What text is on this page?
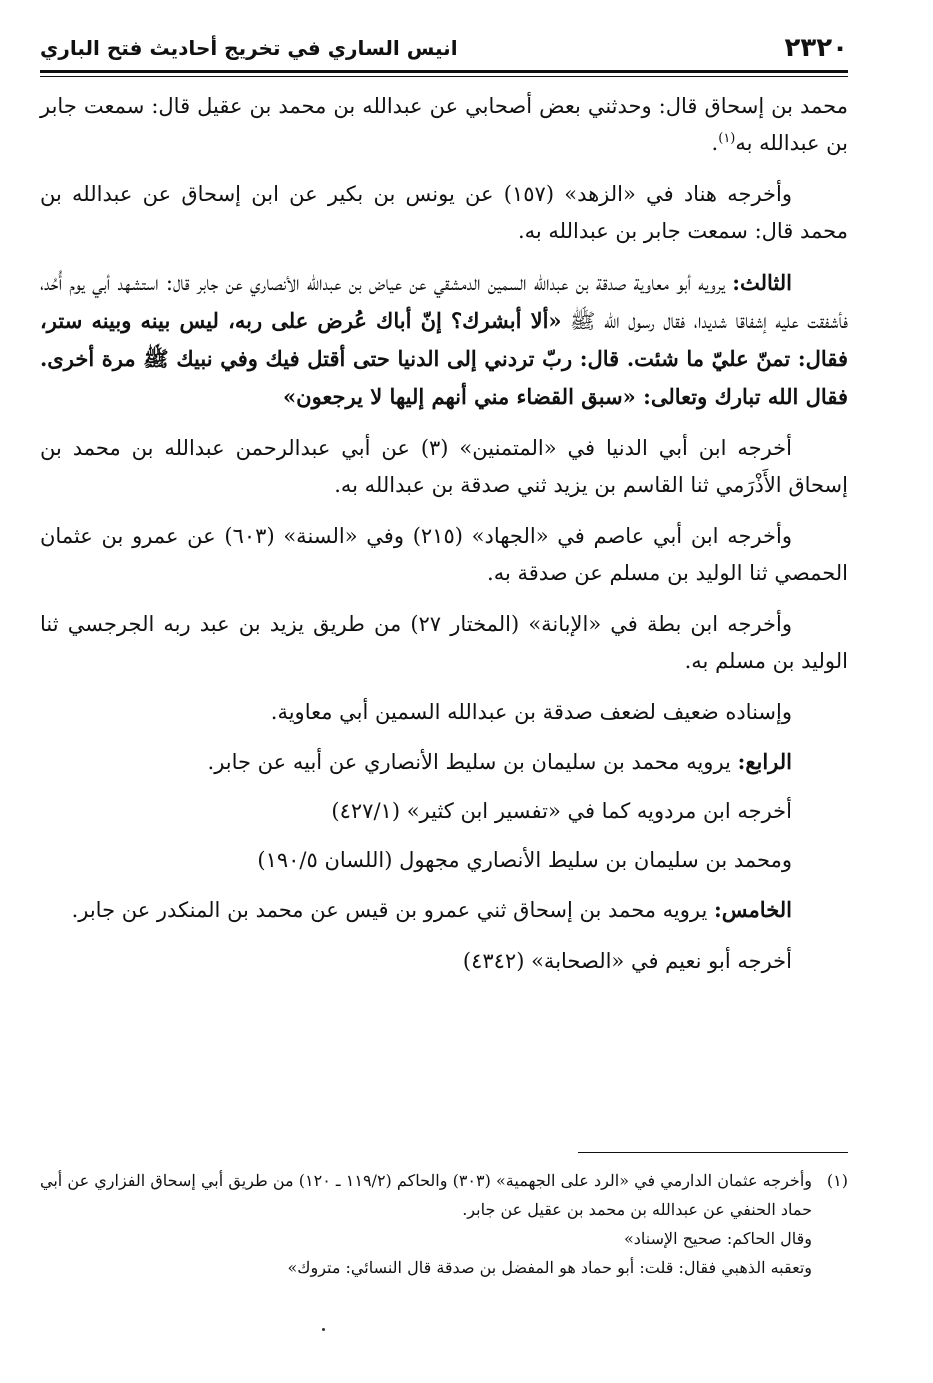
٢٣٢٠
انيس الساري في تخريج أحاديث فتح الباري

محمد بن إسحاق قال: وحدثني بعض أصحابي عن عبدالله بن محمد بن عقيل قال: سمعت جابر بن عبدالله به$^{(١)}$.

وأخرجه هناد في «الزهد» (١٥٧) عن يونس بن بكير عن ابن إسحاق عن عبدالله بن محمد قال: سمعت جابر بن عبدالله به.

الثالث: يرويه أبو معاوية صدقة بن عبدالله السمين الدمشقي عن عياض بن عبدالله الأنصاري عن جابر قال: استشهد أبي يوم أُحُد، فأشفقت عليه إشفاقا شديدا، فقال رسول الله ﷺ «ألا أبشرك؟ إنّ أباك عُرض على ربه، ليس بينه وبينه ستر، فقال: تمنّ عليّ ما شئت. قال: ربّ تردني إلى الدنيا حتى أقتل فيك وفي نبيك ﷺ مرة أخرى. فقال الله تبارك وتعالى: «سبق القضاء مني أنهم إليها لا يرجعون»

أخرجه ابن أبي الدنيا في «المتمنين» (٣) عن أبي عبدالرحمن عبدالله بن محمد بن إسحاق الأَذْرَمي ثنا القاسم بن يزيد ثني صدقة بن عبدالله به.

وأخرجه ابن أبي عاصم في «الجهاد» (٢١٥) وفي «السنة» (٦٠٣) عن عمرو بن عثمان الحمصي ثنا الوليد بن مسلم عن صدقة به.

وأخرجه ابن بطة في «الإبانة» (المختار ٢٧) من طريق يزيد بن عبد ربه الجرجسي ثنا الوليد بن مسلم به.

وإسناده ضعيف لضعف صدقة بن عبدالله السمين أبي معاوية.

الرابع: يرويه محمد بن سليمان بن سليط الأنصاري عن أبيه عن جابر.

أخرجه ابن مردويه كما في «تفسير ابن كثير» (٤٢٧/١)

ومحمد بن سليمان بن سليط الأنصاري مجهول (اللسان ١٩٠/٥)

الخامس: يرويه محمد بن إسحاق ثني عمرو بن قيس عن محمد بن المنكدر عن جابر.

أخرجه أبو نعيم في «الصحابة» (٤٣٤٢)

(١)
وأخرجه عثمان الدارمي في «الرد على الجهمية» (٣٠٣) والحاكم (١١٩/٢ ـ ١٢٠) من طريق أبي إسحاق الفزاري عن أبي حماد الحنفي عن عبدالله بن محمد بن عقيل عن جابر.
وقال الحاكم: صحيح الإسناد»
وتعقبه الذهبي فقال: قلت: أبو حماد هو المفضل بن صدقة قال النسائي: متروك»
